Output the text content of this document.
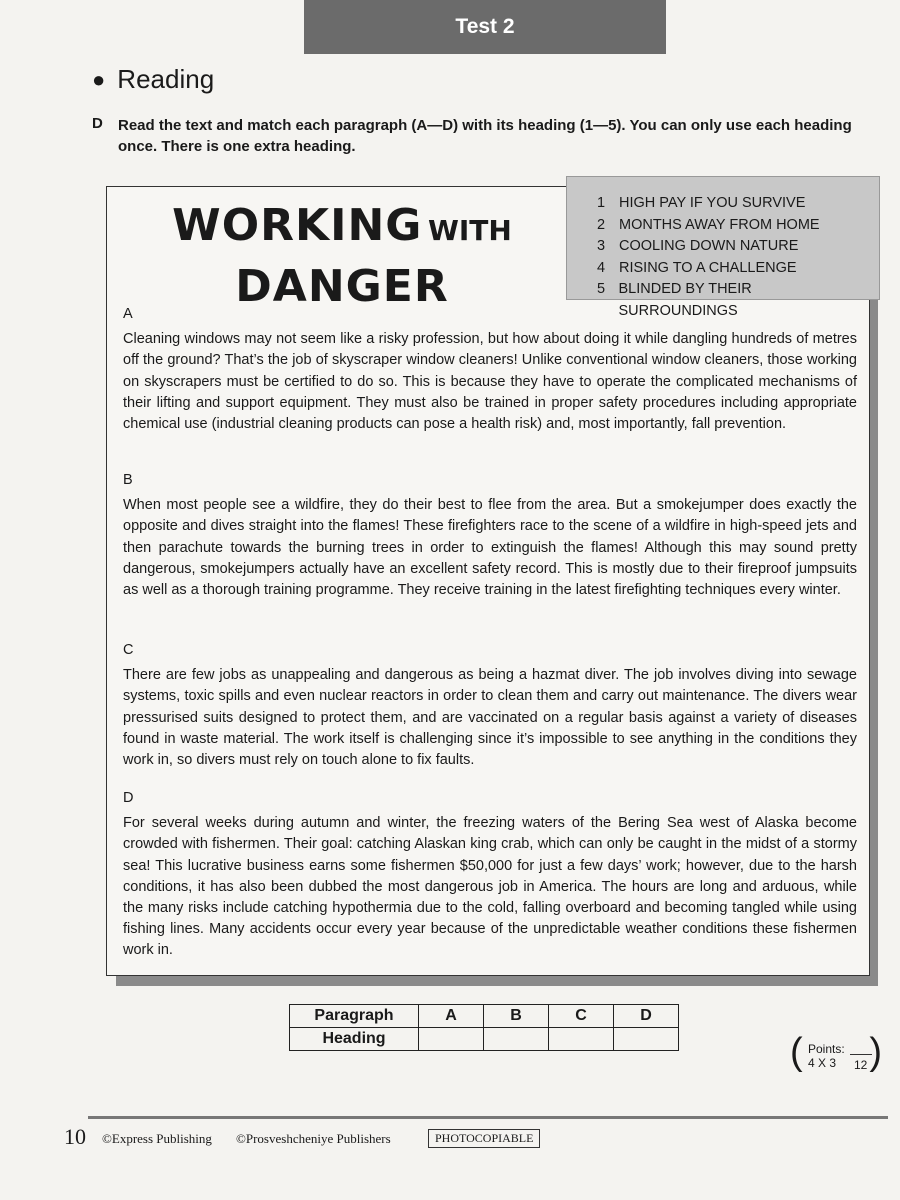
Test 2
● Reading
D Read the text and match each paragraph (A—D) with its heading (1—5). You can only use each heading once. There is one extra heading.
WORKING WITH
DANGER
1 HIGH PAY IF YOU SURVIVE
2 MONTHS AWAY FROM HOME
3 COOLING DOWN NATURE
4 RISING TO A CHALLENGE
5 BLINDED BY THEIR SURROUNDINGS
A
Cleaning windows may not seem like a risky profession, but how about doing it while dangling hundreds of metres off the ground? That’s the job of skyscraper window cleaners! Unlike conventional window cleaners, those working on skyscrapers must be certified to do so. This is because they have to operate the complicated mechanisms of their lifting and support equipment. They must also be trained in proper safety procedures including appropriate chemical use (industrial cleaning products can pose a health risk) and, most importantly, fall prevention.
B
When most people see a wildfire, they do their best to flee from the area. But a smokejumper does exactly the opposite and dives straight into the flames! These firefighters race to the scene of a wildfire in high-speed jets and then parachute towards the burning trees in order to extinguish the flames! Although this may sound pretty dangerous, smokejumpers actually have an excellent safety record. This is mostly due to their fireproof jumpsuits as well as a thorough training programme. They receive training in the latest firefighting techniques every winter.
C
There are few jobs as unappealing and dangerous as being a hazmat diver. The job involves diving into sewage systems, toxic spills and even nuclear reactors in order to clean them and carry out maintenance. The divers wear pressurised suits designed to protect them, and are vaccinated on a regular basis against a variety of diseases found in waste material. The work itself is challenging since it’s impossible to see anything in the conditions they work in, so divers must rely on touch alone to fix faults.
D
For several weeks during autumn and winter, the freezing waters of the Bering Sea west of Alaska become crowded with fishermen. Their goal: catching Alaskan king crab, which can only be caught in the midst of a stormy sea! This lucrative business earns some fishermen $50,000 for just a few days’ work; however, due to the harsh conditions, it has also been dubbed the most dangerous job in America. The hours are long and arduous, while the many risks include catching hypothermia due to the cold, falling overboard and becoming tangled while using fishing lines. Many accidents occur every year because of the unpredictable weather conditions these fishermen work in.
Paragraph	A	B	C	D
Heading					( Points:
4 X 3 12 )
10 ©Express Publishing ©Prosveshcheniye Publishers	PHOTOCOPIABLE
